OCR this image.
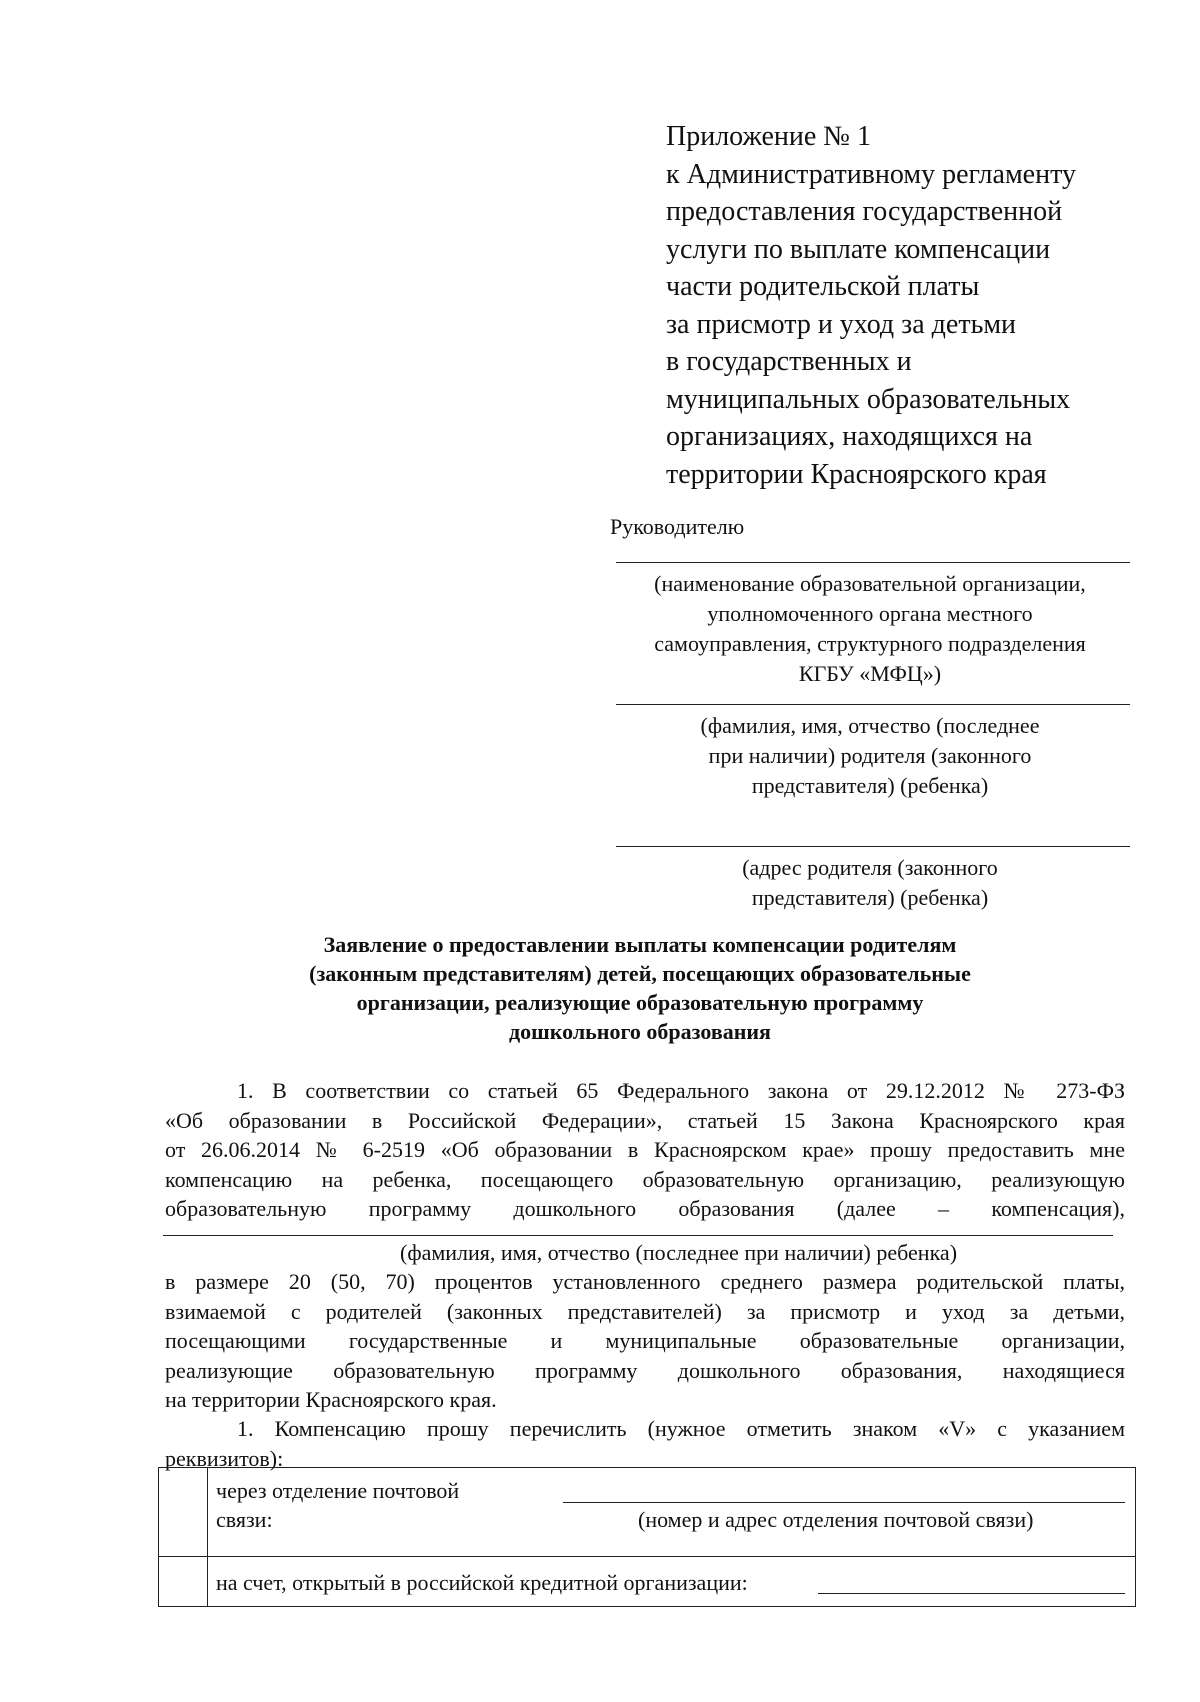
Приложение № 1
к Административному регламенту
предоставления государственной
услуги по выплате компенсации
части родительской платы
за присмотр и уход за детьми
в государственных и
муниципальных образовательных
организациях, находящихся на
территории Красноярского края
Руководителю
(наименование образовательной организации,
уполномоченного органа местного
самоуправления, структурного подразделения
КГБУ «МФЦ»)
(фамилия, имя, отчество (последнее
при наличии) родителя (законного
представителя) (ребенка)
(адрес родителя (законного
представителя) (ребенка)
Заявление о предоставлении выплаты компенсации родителям
(законным представителям) детей, посещающих образовательные
организации, реализующие образовательную программу
дошкольного образования
1. В соответствии со статьей 65 Федерального закона от 29.12.2012 № 273-ФЗ
«Об образовании в Российской Федерации», статьей 15 Закона Красноярского края
от 26.06.2014 № 6-2519 «Об образовании в Красноярском крае» прошу предоставить мне
компенсацию на ребенка, посещающего образовательную организацию, реализующую
образовательную программу дошкольного образования (далее – компенсация),
(фамилия, имя, отчество (последнее при наличии) ребенка)
в размере 20 (50, 70) процентов установленного среднего размера родительской платы,
взимаемой с родителей (законных представителей) за присмотр и уход за детьми,
посещающими государственные и муниципальные образовательные организации,
реализующие образовательную программу дошкольного образования, находящиеся
на территории Красноярского края.
1. Компенсацию прошу перечислить (нужное отметить знаком «V» с указанием
реквизитов):

	через отделение почтовой
связи: (номер и адрес отделения почтовой связи)

	на счет, открытый в российской кредитной организации:
